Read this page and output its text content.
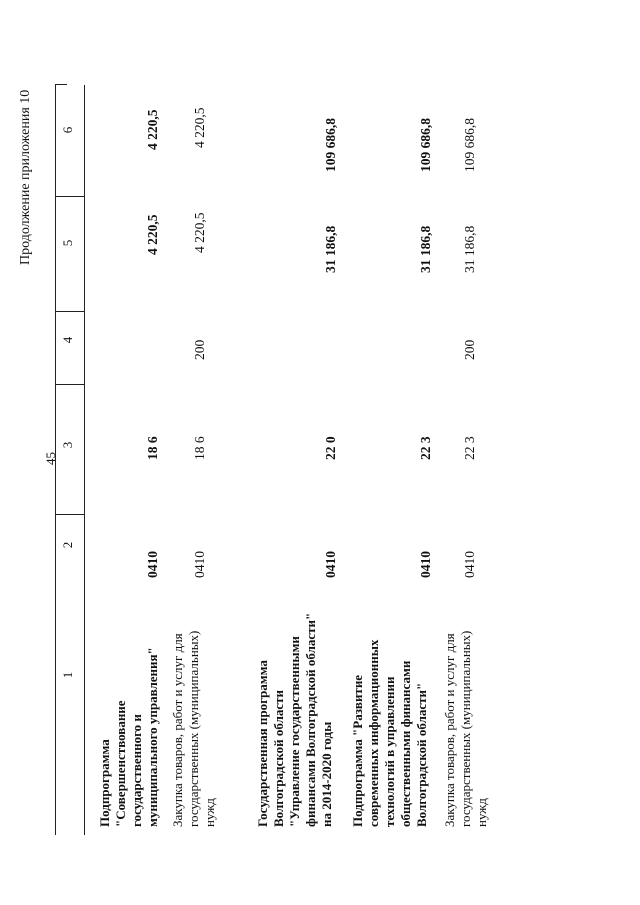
45
Продолжение приложения 10
1
2
3
4
5
6
Подпрограмма "Совершенствование государственного и муниципального управления"
0410
18 6
4 220,5
4 220,5
Закупка товаров, работ и услуг для государственных (муниципальных) нужд
0410
18 6
200
4 220,5
4 220,5
Государственная программа Волгоградской области "Управление государственными финансами Волгоградской области" на 2014-2020 годы
0410
22 0
31 186,8
109 686,8
Подпрограмма "Развитие современных информационных технологий в управлении общественными финансами Волгоградской области"
0410
22 3
31 186,8
109 686,8
Закупка товаров, работ и услуг для государственных (муниципальных) нужд
0410
22 3
200
31 186,8
109 686,8
